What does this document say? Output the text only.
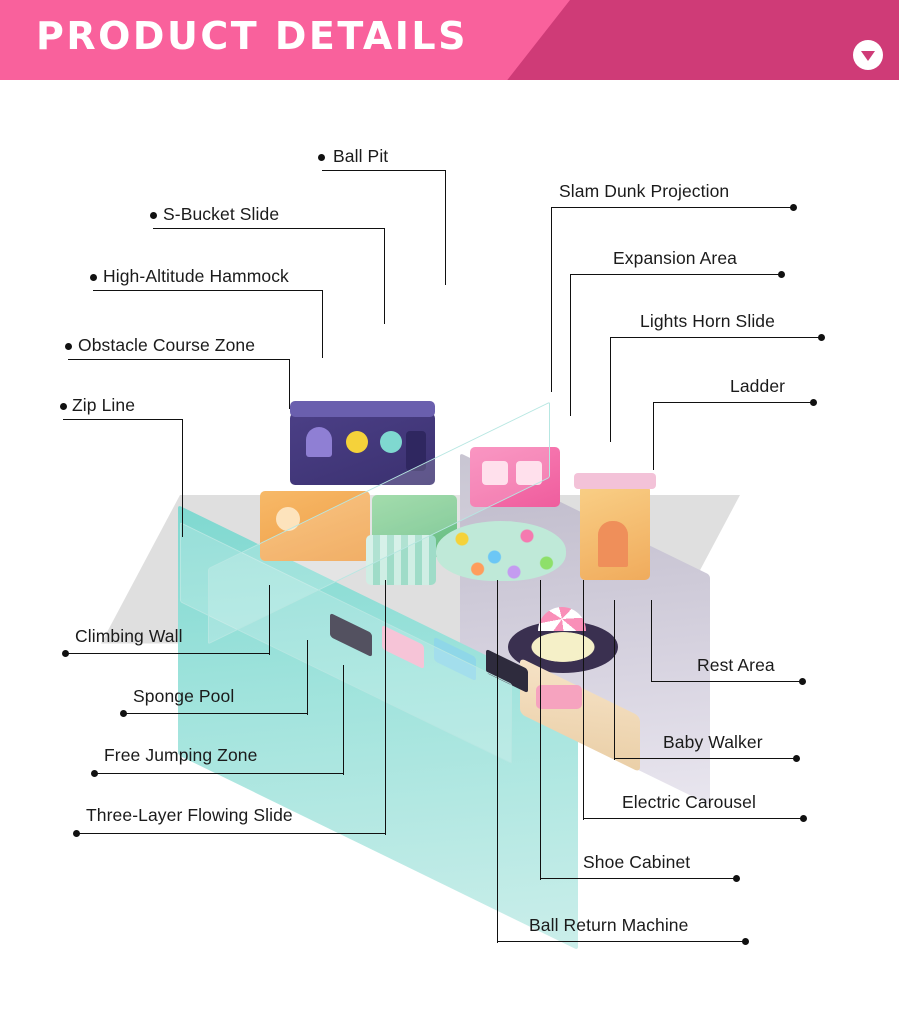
PRODUCT DETAILS
Ball Pit
S-Bucket Slide
High-Altitude Hammock
Obstacle Course Zone
Zip Line
Climbing Wall
Sponge Pool
Free Jumping Zone
Three-Layer Flowing Slide
Slam Dunk Projection
Expansion Area
Lights Horn Slide
Ladder
Rest Area
Baby Walker
Electric Carousel
Shoe Cabinet
Ball Return Machine
